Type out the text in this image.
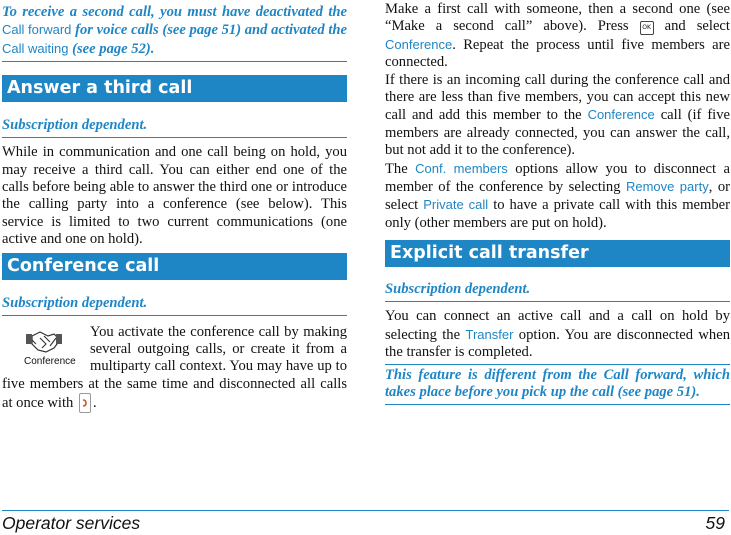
To receive a second call, you must have deactivated the Call forward for voice calls (see page 51) and activated the Call waiting (see page 52).

Answer a third call
Subscription dependent.

While in communication and one call being on hold, you may receive a third call. You can either end one of the calls before being able to answer the third one or introduce the calling party into a conference (see below). This service is limited to two current communications (one active and one on hold).

Conference call
Subscription dependent.

Conference
You activate the conference call by making several outgoing calls, or create it from a multiparty call context. You may have up to five members at the same time and disconnected all calls at once with .

Make a first call with someone, then a second one (see “Make a second call” above). Press OK and select Conference. Repeat the process until five members are connected.

If there is an incoming call during the conference call and there are less than five members, you can accept this new call and add this member to the Conference call (if five members are already connected, you can answer the call, but not add it to the conference).

The Conf. members options allow you to disconnect a member of the conference by selecting Remove party, or select Private call to have a private call with this member only (other members are put on hold).

Explicit call transfer
Subscription dependent.

You can connect an active call and a call on hold by selecting the Transfer option. You are disconnected when the transfer is completed.

This feature is different from the Call forward, which takes place before you pick up the call (see page 51).

Operator services	59
